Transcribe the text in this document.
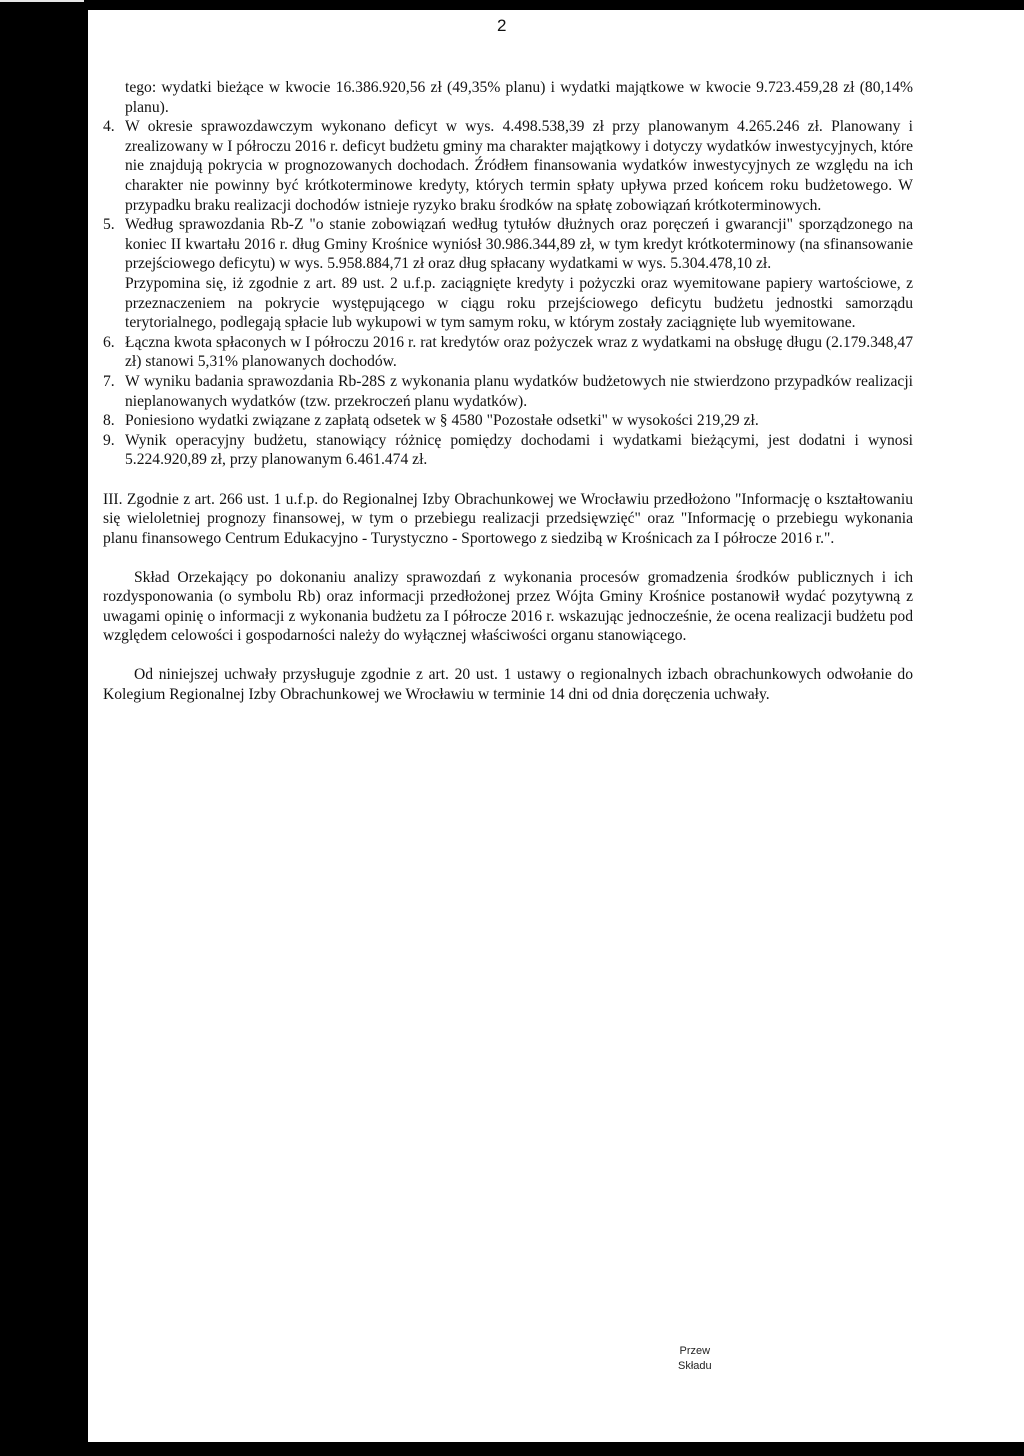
2

tego: wydatki bieżące w kwocie 16.386.920,56 zł (49,35% planu) i wydatki majątkowe w kwocie 9.723.459,28 zł (80,14% planu).

4. W okresie sprawozdawczym wykonano deficyt w wys. 4.498.538,39 zł przy planowanym 4.265.246 zł. Planowany i zrealizowany w I półroczu 2016 r. deficyt budżetu gminy ma charakter majątkowy i dotyczy wydatków inwestycyjnych, które nie znajdują pokrycia w prognozowanych dochodach. Źródłem finansowania wydatków inwestycyjnych ze względu na ich charakter nie powinny być krótkoterminowe kredyty, których termin spłaty upływa przed końcem roku budżetowego. W przypadku braku realizacji dochodów istnieje ryzyko braku środków na spłatę zobowiązań krótkoterminowych.
5. Według sprawozdania Rb-Z "o stanie zobowiązań według tytułów dłużnych oraz poręczeń i gwarancji" sporządzonego na koniec II kwartału 2016 r. dług Gminy Krośnice wyniósł 30.986.344,89 zł, w tym kredyt krótkoterminowy (na sfinansowanie przejściowego deficytu) w wys. 5.958.884,71 zł oraz dług spłacany wydatkami w wys. 5.304.478,10 zł.

Przypomina się, iż zgodnie z art. 89 ust. 2 u.f.p. zaciągnięte kredyty i pożyczki oraz wyemitowane papiery wartościowe, z przeznaczeniem na pokrycie występującego w ciągu roku przejściowego deficytu budżetu jednostki samorządu terytorialnego, podlegają spłacie lub wykupowi w tym samym roku, w którym zostały zaciągnięte lub wyemitowane.

6. Łączna kwota spłaconych w I półroczu 2016 r. rat kredytów oraz pożyczek wraz z wydatkami na obsługę długu (2.179.348,47 zł) stanowi 5,31% planowanych dochodów.
7. W wyniku badania sprawozdania Rb-28S z wykonania planu wydatków budżetowych nie stwierdzono przypadków realizacji nieplanowanych wydatków (tzw. przekroczeń planu wydatków).
8. Poniesiono wydatki związane z zapłatą odsetek w § 4580 "Pozostałe odsetki" w wysokości 219,29 zł.
9. Wynik operacyjny budżetu, stanowiący różnicę pomiędzy dochodami i wydatkami bieżącymi, jest dodatni i wynosi 5.224.920,89 zł, przy planowanym 6.461.474 zł.

III. Zgodnie z art. 266 ust. 1 u.f.p. do Regionalnej Izby Obrachunkowej we Wrocławiu przedłożono "Informację o kształtowaniu się wieloletniej prognozy finansowej, w tym o przebiegu realizacji przedsięwzięć" oraz "Informację o przebiegu wykonania planu finansowego Centrum Edukacyjno - Turystyczno - Sportowego z siedzibą w Krośnicach za I półrocze 2016 r.".

Skład Orzekający po dokonaniu analizy sprawozdań z wykonania procesów gromadzenia środków publicznych i ich rozdysponowania (o symbolu Rb) oraz informacji przedłożonej przez Wójta Gminy Krośnice postanowił wydać pozytywną z uwagami opinię o informacji z wykonania budżetu za I półrocze 2016 r. wskazując jednocześnie, że ocena realizacji budżetu pod względem celowości i gospodarności należy do wyłącznej właściwości organu stanowiącego.

Od niniejszej uchwały przysługuje zgodnie z art. 20 ust. 1 ustawy o regionalnych izbach obrachunkowych odwołanie do Kolegium Regionalnej Izby Obrachunkowej we Wrocławiu w terminie 14 dni od dnia doręczenia uchwały.

Przew
Składu
